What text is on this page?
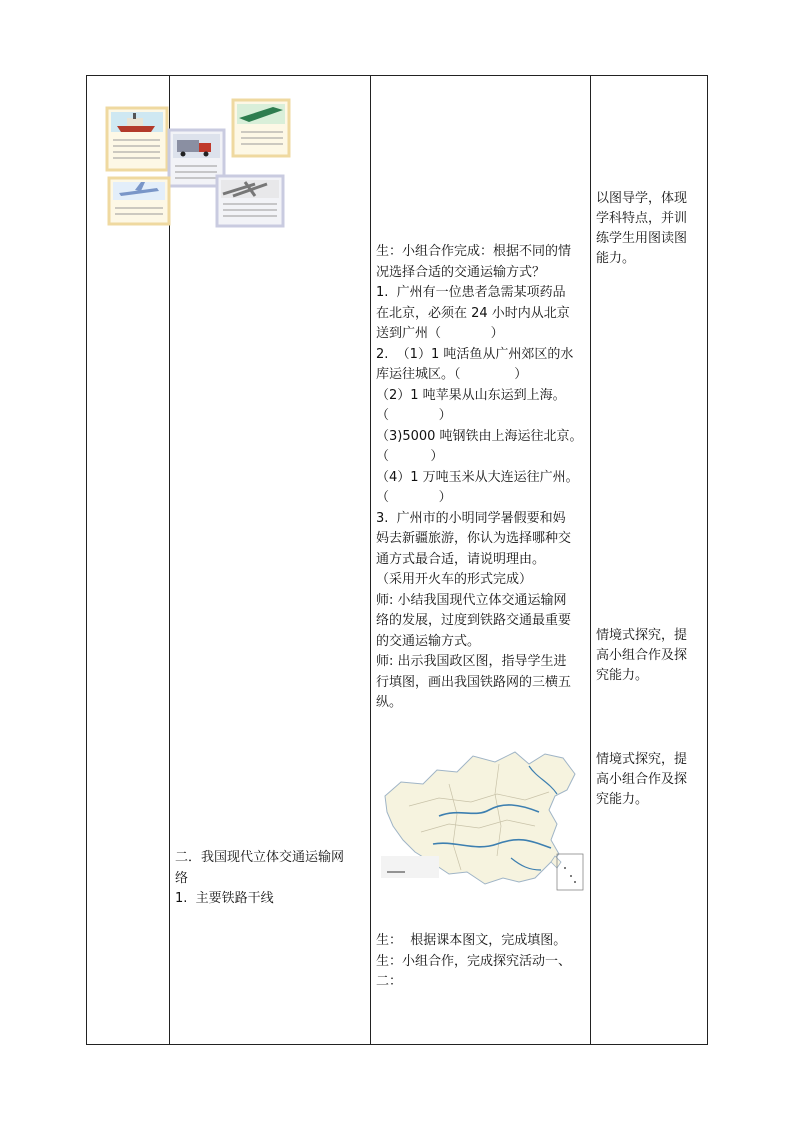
二．我国现代立体交通运输网
络
1.  主要铁路干线
生：小组合作完成：根据不同的情
况选择合适的交通运输方式？
1.  广州有一位患者急需某项药品
在北京，必须在 24 小时内从北京
送到广州（            ）
2.  （1）1 吨活鱼从广州郊区的水
库运往城区。（             ）
（2）1 吨苹果从山东运到上海。
（            ）
（3)5000 吨钢铁由上海运往北京。
（          ）
（4）1 万吨玉米从大连运往广州。
（            ）
3.  广州市的小明同学暑假要和妈
妈去新疆旅游，你认为选择哪种交
通方式最合适，请说明理由。
（采用开火车的形式完成）
师: 小结我国现代立体交通运输网
络的发展，过度到铁路交通最重要
的交通运输方式。
师: 出示我国政区图，指导学生进
行填图，画出我国铁路网的三横五
纵。
生：  根据课本图文，完成填图。
生：小组合作，完成探究活动一、
二：
以图导学，体现
学科特点，并训
练学生用图读图
能力。
情境式探究，提
高小组合作及探
究能力。
情境式探究，提
高小组合作及探
究能力。
